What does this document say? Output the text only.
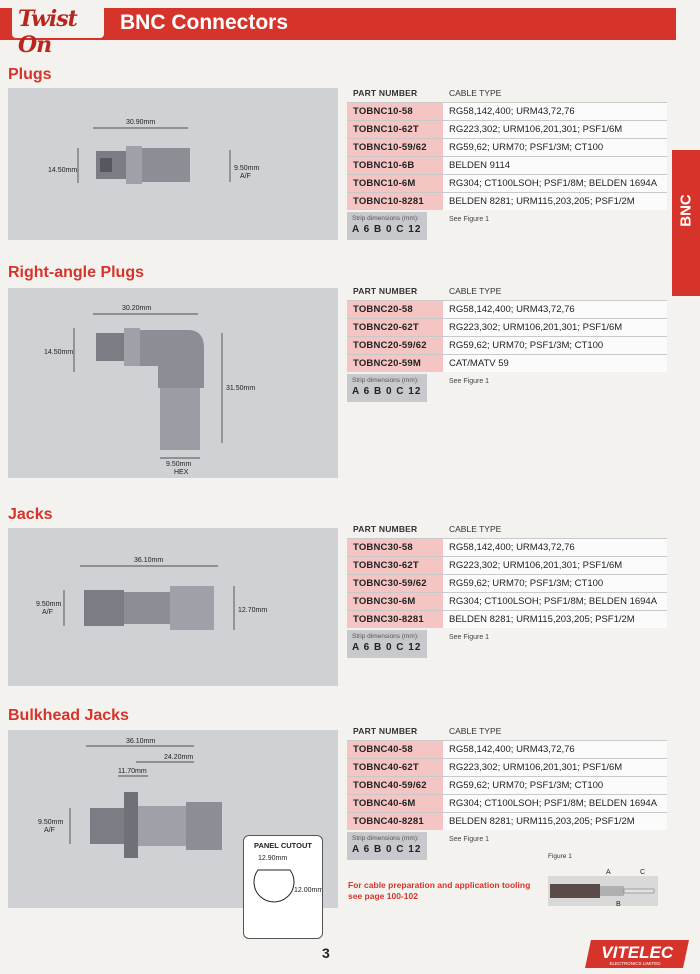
Twist On
BNC Connectors
BNC
Plugs
30.90mm
14.50mm	9.50mm
A/F
PART NUMBER	CABLE TYPE
TOBNC10-58	RG58,142,400; URM43,72,76
TOBNC10-62T	RG223,302; URM106,201,301; PSF1/6M
TOBNC10-59/62	RG59,62; URM70; PSF1/3M; CT100
TOBNC10-6B	BELDEN 9114
TOBNC10-6M	RG304; CT100LSOH; PSF1/8M; BELDEN 1694A
TOBNC10-8281	BELDEN 8281; URM115,203,205; PSF1/2M
Strip dimensions (mm):
A 6 B 0 C 12
See Figure 1
Right-angle Plugs
30.20mm
14.50mm
31.50mm
9.50mm
HEX
PART NUMBER	CABLE TYPE
TOBNC20-58	RG58,142,400; URM43,72,76
TOBNC20-62T	RG223,302; URM106,201,301; PSF1/6M
TOBNC20-59/62	RG59,62; URM70; PSF1/3M; CT100
TOBNC20-59M	CAT/MATV 59
Strip dimensions (mm):
A 6 B 0 C 12
See Figure 1
Jacks
36.10mm
9.50mm
A/F	12.70mm
PART NUMBER	CABLE TYPE
TOBNC30-58	RG58,142,400; URM43,72,76
TOBNC30-62T	RG223,302; URM106,201,301; PSF1/6M
TOBNC30-59/62	RG59,62; URM70; PSF1/3M; CT100
TOBNC30-6M	RG304; CT100LSOH; PSF1/8M; BELDEN 1694A
TOBNC30-8281	BELDEN 8281; URM115,203,205; PSF1/2M
Strip dimensions (mm):
A 6 B 0 C 12
See Figure 1
Bulkhead Jacks
36.10mm
24.20mm
11.70mm
9.50mm
A/F
PART NUMBER	CABLE TYPE
TOBNC40-58	RG58,142,400; URM43,72,76
TOBNC40-62T	RG223,302; URM106,201,301; PSF1/6M
TOBNC40-59/62	RG59,62; URM70; PSF1/3M; CT100
TOBNC40-6M	RG304; CT100LSOH; PSF1/8M; BELDEN 1694A
TOBNC40-8281	BELDEN 8281; URM115,203,205; PSF1/2M
Strip dimensions (mm):
A 6 B 0 C 12
See Figure 1
PANEL CUTOUT
12.90mm
12.00mm
Figure 1
A	C
B
For cable preparation and application tooling see page 100-102
3	VITELEC
ELECTRONICS LIMITED
